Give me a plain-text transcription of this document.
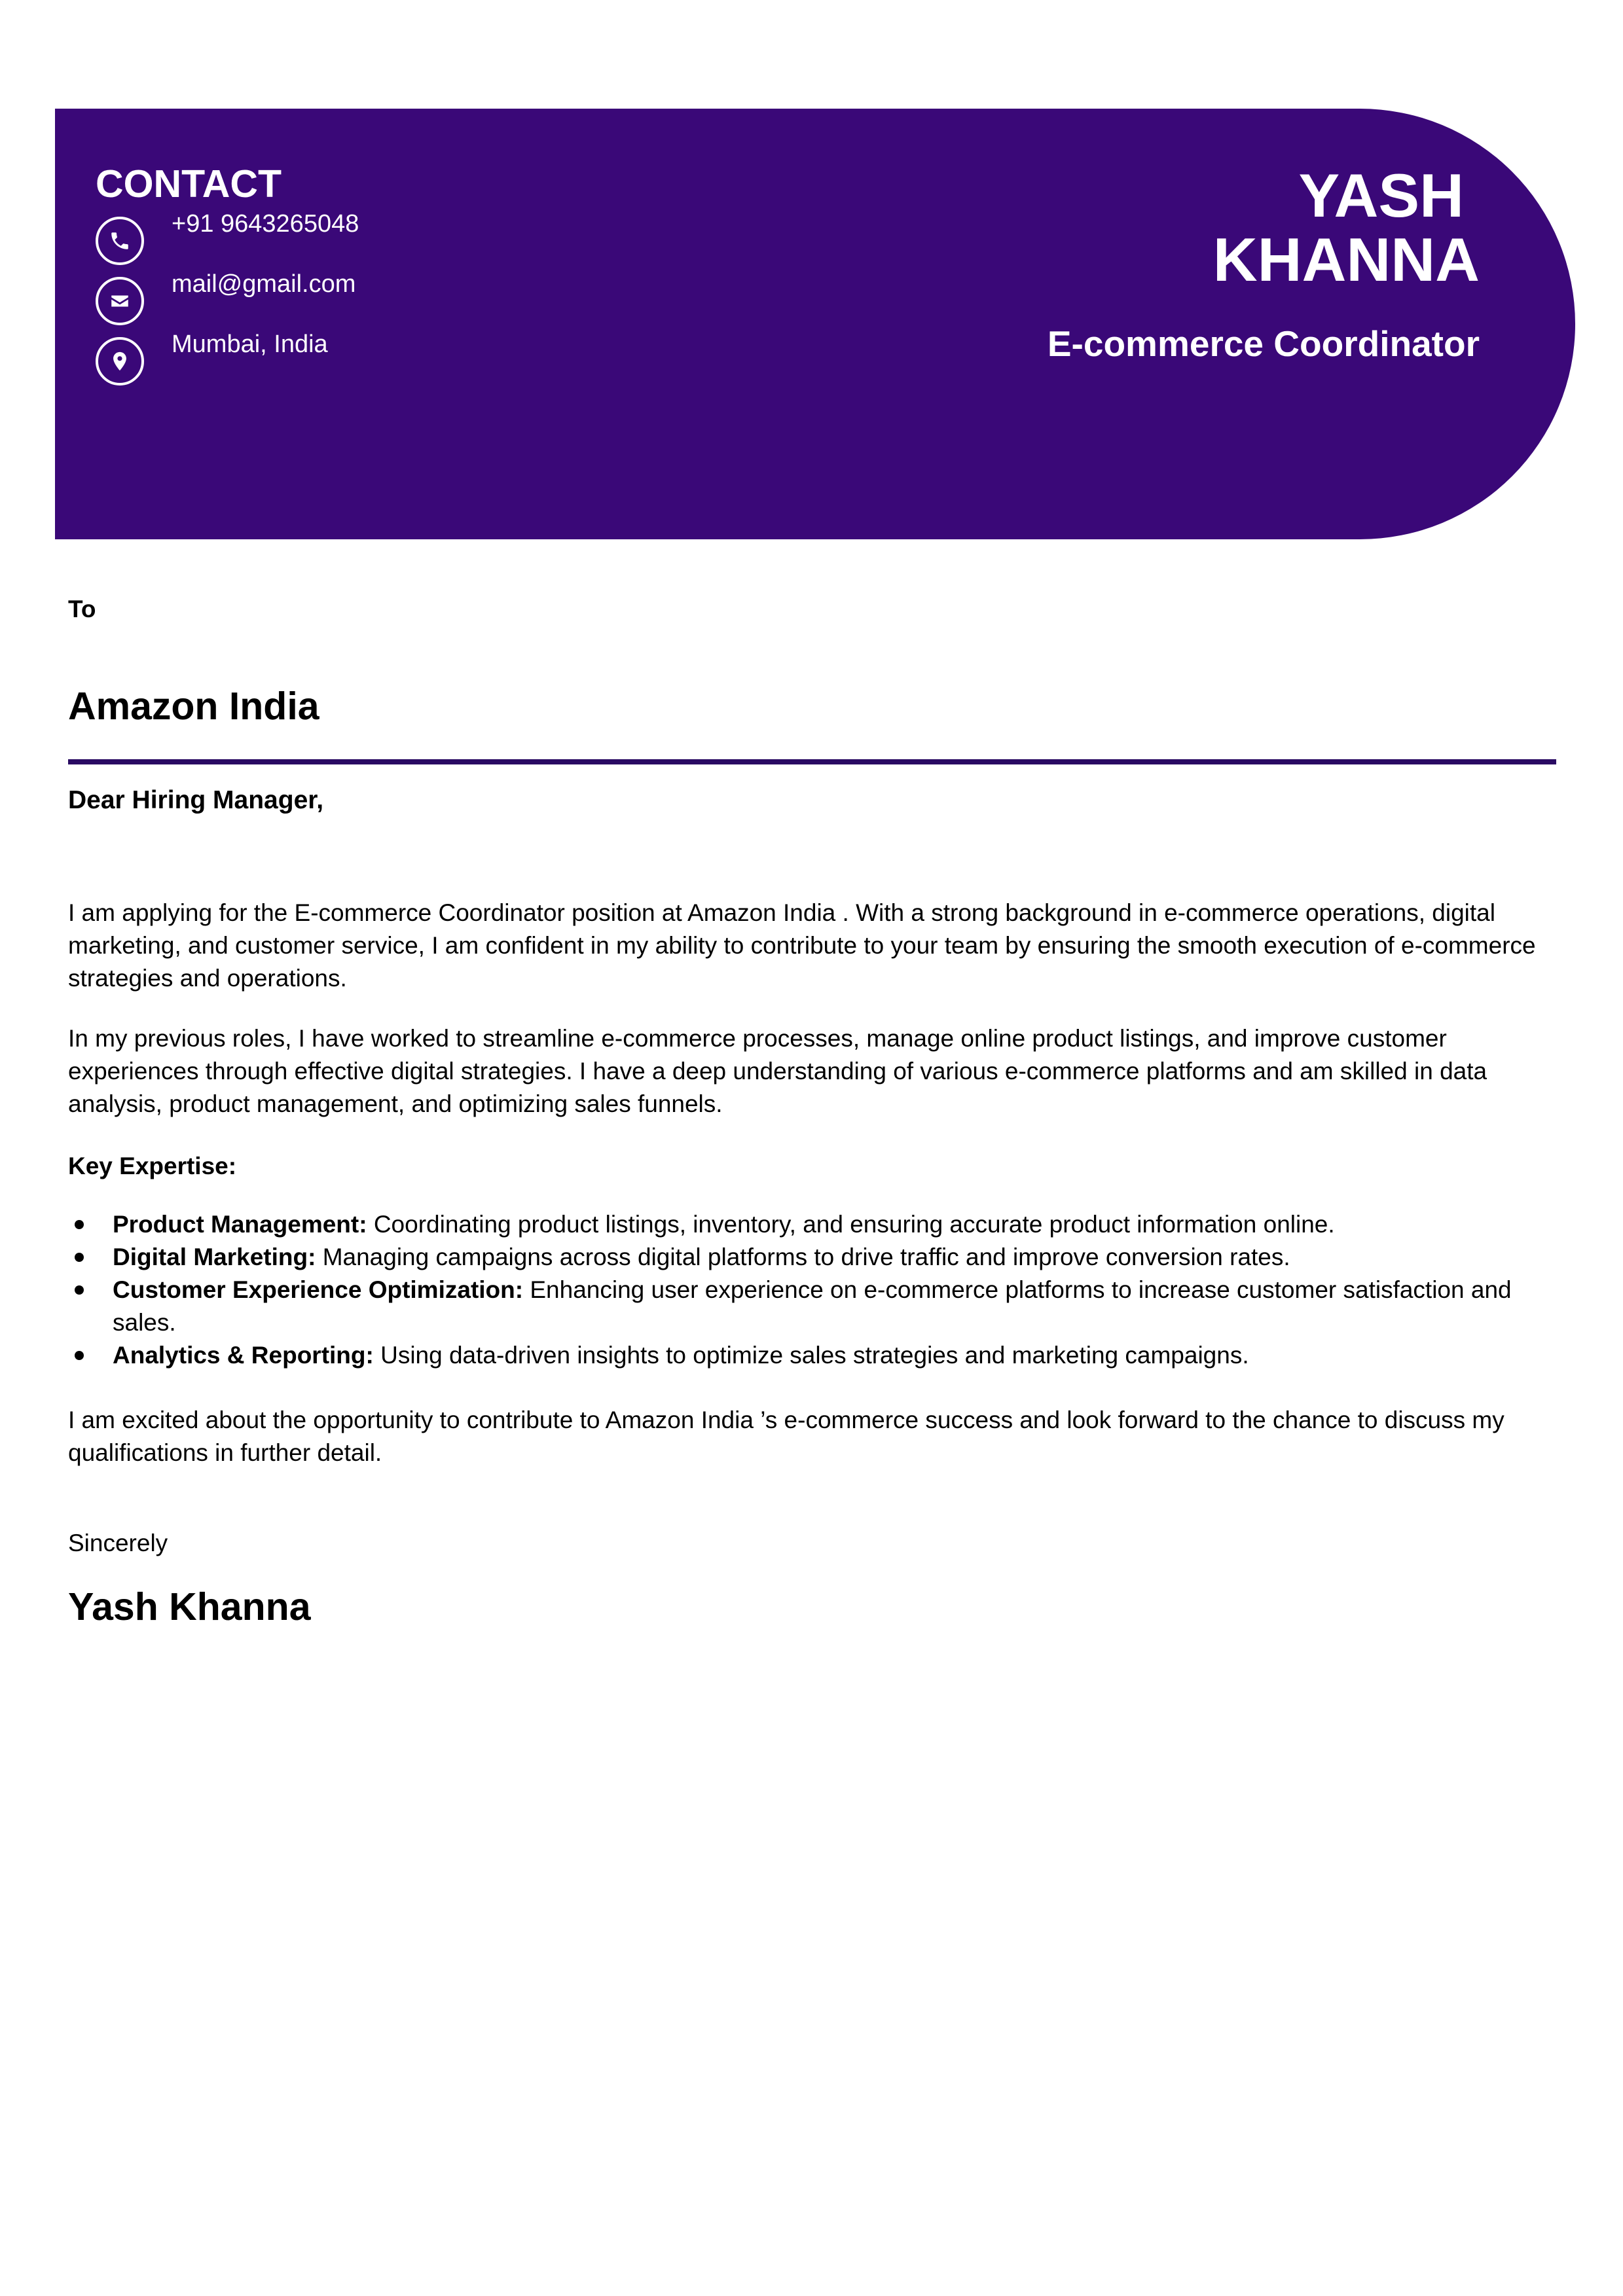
CONTACT
+91 9643265048
mail@gmail.com
Mumbai, India
YASH
KHANNA
E-commerce Coordinator

To

Amazon India

Dear Hiring Manager,

I am applying for the E-commerce Coordinator position at Amazon India . With a strong background in e-commerce operations, digital marketing, and customer service, I am confident in my ability to contribute to your team by ensuring the smooth execution of e-commerce strategies and operations.

In my previous roles, I have worked to streamline e-commerce processes, manage online product listings, and improve customer experiences through effective digital strategies. I have a deep understanding of various e-commerce platforms and am skilled in data analysis, product management, and optimizing sales funnels.

Key Expertise:

Product Management: Coordinating product listings, inventory, and ensuring accurate product information online.
Digital Marketing: Managing campaigns across digital platforms to drive traffic and improve conversion rates.
Customer Experience Optimization: Enhancing user experience on e-commerce platforms to increase customer satisfaction and sales.
Analytics & Reporting: Using data-driven insights to optimize sales strategies and marketing campaigns.

I am excited about the opportunity to contribute to Amazon India ’s e-commerce success and look forward to the chance to discuss my qualifications in further detail.

Sincerely

Yash Khanna
